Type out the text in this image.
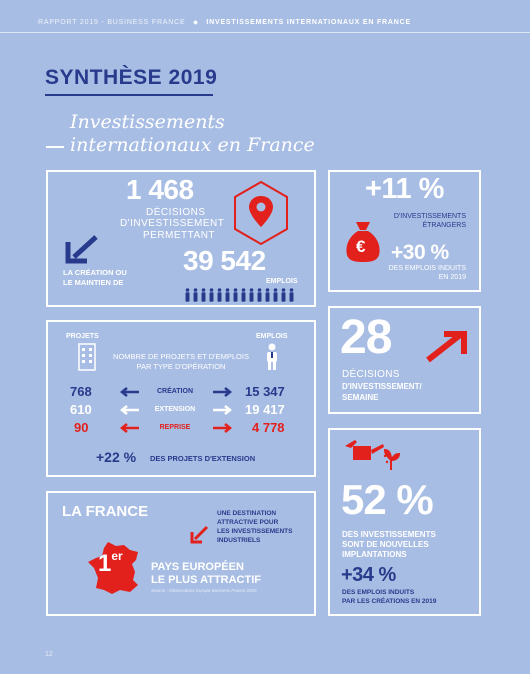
RAPPORT 2019 - BUSINESS FRANCE ◆ INVESTISSEMENTS INTERNATIONAUX EN FRANCE
SYNTHÈSE 2019
Investissements
internationaux en France
1 468
DÉCISIONS
D'INVESTISSEMENT
PERMETTANT
LA CRÉATION OU
LE MAINTIEN DE
39 542
EMPLOIS
+11 %
D'INVESTISSEMENTS
ÉTRANGERS
€ +30 %
DES EMPLOIS INDUITS
EN 2019
PROJETS	EMPLOIS
NOMBRE DE PROJETS ET D'EMPLOIS
PAR TYPE D'OPÉRATION
768	CRÉATION	15 347
610	EXTENSION	19 417
90	REPRISE	4 778
+22 % DES PROJETS D'EXTENSION
28
DÉCISIONS
D'INVESTISSEMENT/
SEMAINE
LA FRANCE	UNE DESTINATION
ATTRACTIVE POUR
LES INVESTISSEMENTS
INDUSTRIELS
1er
PAYS EUROPÉEN
LE PLUS ATTRACTIF
Source : Observatoire Europe Business France 2019
52 %
DES INVESTISSEMENTS
SONT DE NOUVELLES
IMPLANTATIONS
+34 %
DES EMPLOIS INDUITS
PAR LES CRÉATIONS EN 2019
12
